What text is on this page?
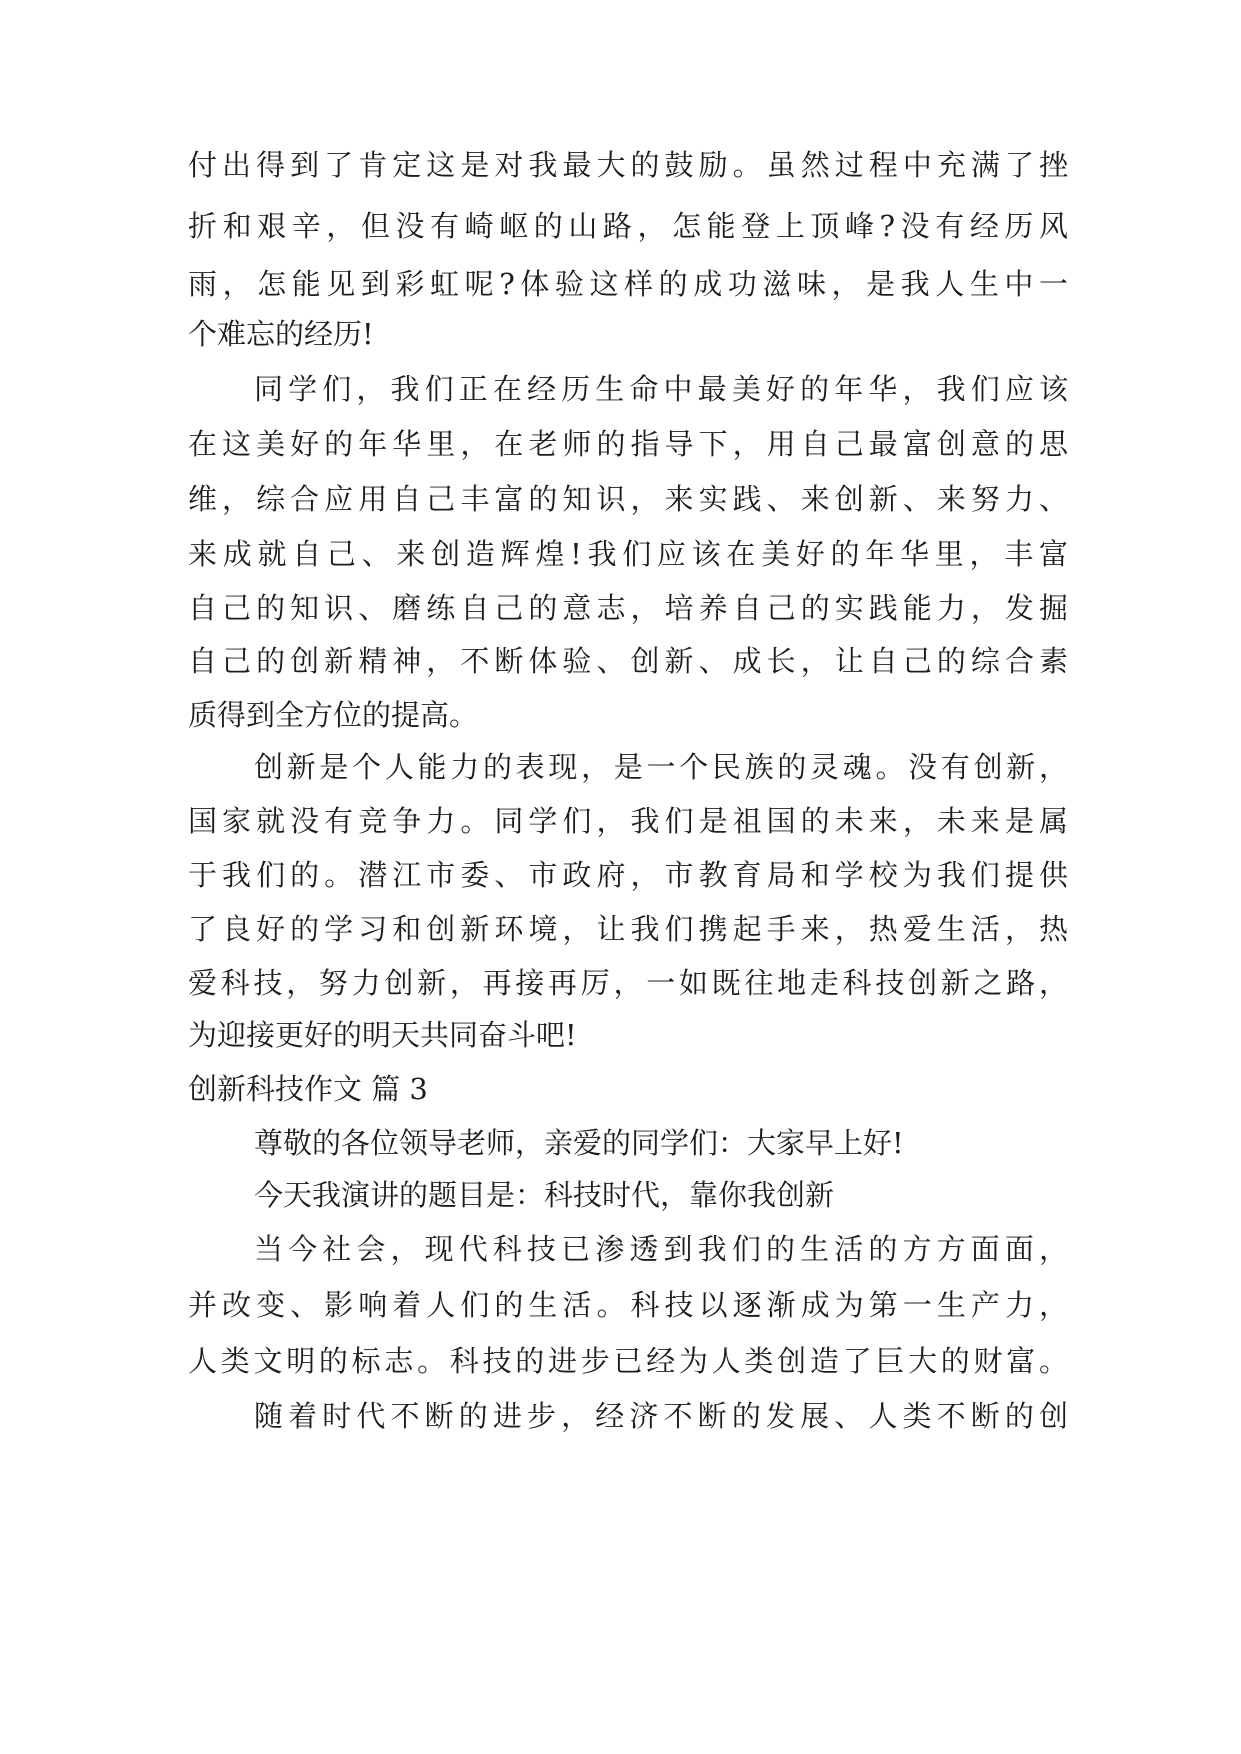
付出得到了肯定这是对我最大的鼓励。虽然过程中充满了挫

折和艰辛，但没有崎岖的山路，怎能登上顶峰?没有经历风

雨，怎能见到彩虹呢?体验这样的成功滋味，是我人生中一

个难忘的经历!

同学们，我们正在经历生命中最美好的年华，我们应该

在这美好的年华里，在老师的指导下，用自己最富创意的思

维，综合应用自己丰富的知识，来实践、来创新、来努力、

来成就自己、来创造辉煌!我们应该在美好的年华里，丰富

自己的知识、磨练自己的意志，培养自己的实践能力，发掘

自己的创新精神，不断体验、创新、成长，让自己的综合素

质得到全方位的提高。

创新是个人能力的表现，是一个民族的灵魂。没有创新，

国家就没有竞争力。同学们，我们是祖国的未来，未来是属

于我们的。潜江市委、市政府，市教育局和学校为我们提供

了良好的学习和创新环境，让我们携起手来，热爱生活，热

爱科技，努力创新，再接再厉，一如既往地走科技创新之路，

为迎接更好的明天共同奋斗吧!

创新科技作文 篇 3

尊敬的各位领导老师，亲爱的同学们：大家早上好!

今天我演讲的题目是：科技时代，靠你我创新

当今社会，现代科技已渗透到我们的生活的方方面面，

并改变、影响着人们的生活。科技以逐渐成为第一生产力，

人类文明的标志。科技的进步已经为人类创造了巨大的财富。

随着时代不断的进步，经济不断的发展、人类不断的创
